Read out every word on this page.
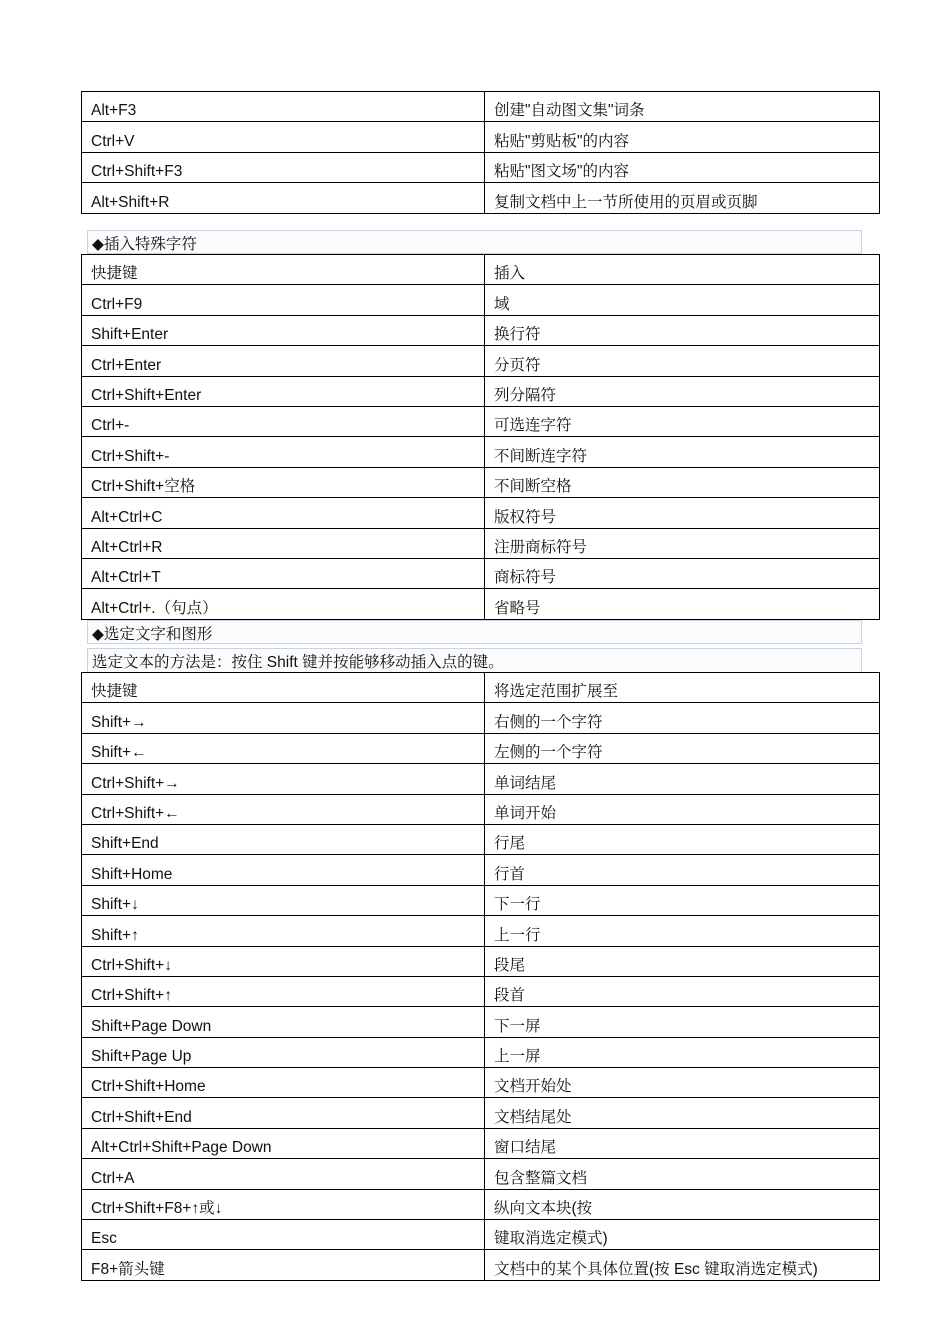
Alt+F3	创建"自动图文集"词条
Ctrl+V	粘贴"剪贴板"的内容
Ctrl+Shift+F3	粘贴"图文场"的内容
Alt+Shift+R	复制文档中上一节所使用的页眉或页脚
◆插入特殊字符
快捷键	插入
Ctrl+F9	域
Shift+Enter	换行符
Ctrl+Enter	分页符
Ctrl+Shift+Enter	列分隔符
Ctrl+-	可选连字符
Ctrl+Shift+-	不间断连字符
Ctrl+Shift+空格	不间断空格
Alt+Ctrl+C	版权符号
Alt+Ctrl+R	注册商标符号
Alt+Ctrl+T	商标符号
Alt+Ctrl+.（句点）	省略号
◆选定文字和图形
选定文本的方法是：按住 Shift 键并按能够移动插入点的键。
快捷键	将选定范围扩展至
Shift+→	右侧的一个字符
Shift+←	左侧的一个字符
Ctrl+Shift+→	单词结尾
Ctrl+Shift+←	单词开始
Shift+End	行尾
Shift+Home	行首
Shift+↓	下一行
Shift+↑	上一行
Ctrl+Shift+↓	段尾
Ctrl+Shift+↑	段首
Shift+Page Down	下一屏
Shift+Page Up	上一屏
Ctrl+Shift+Home	文档开始处
Ctrl+Shift+End	文档结尾处
Alt+Ctrl+Shift+Page Down	窗口结尾
Ctrl+A	包含整篇文档
Ctrl+Shift+F8+↑或↓	纵向文本块(按
Esc	键取消选定模式)
F8+箭头键	文档中的某个具体位置(按 Esc 键取消选定模式)
